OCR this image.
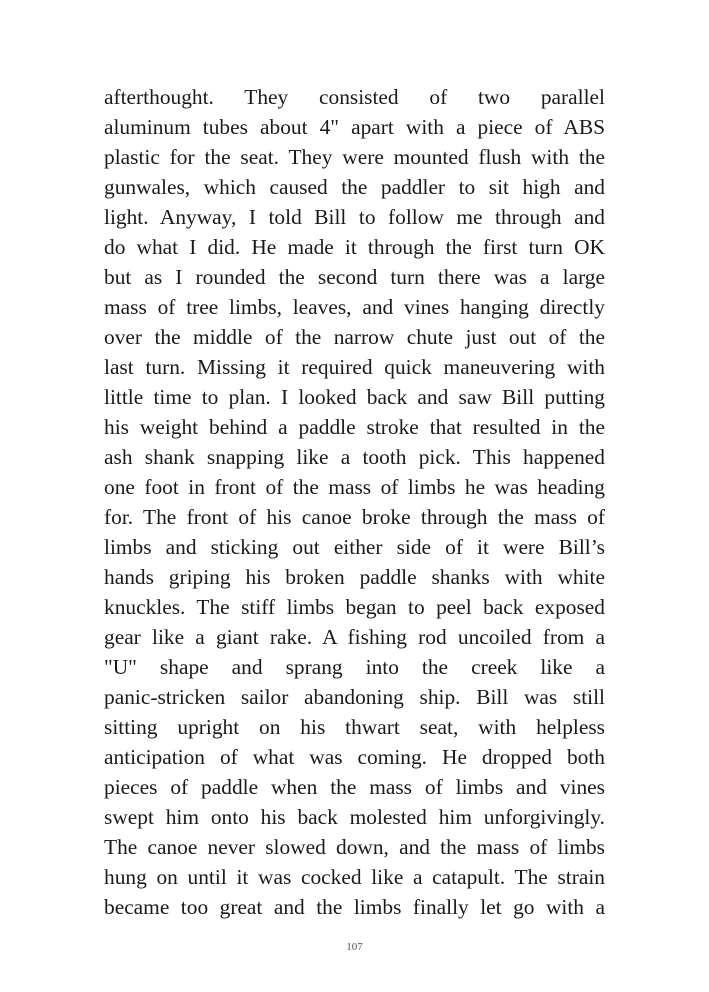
afterthought. They consisted of two parallel
aluminum tubes about 4" apart with a piece of ABS
plastic for the seat. They were mounted flush with the
gunwales, which caused the paddler to sit high and
light. Anyway, I told Bill to follow me through and
do what I did. He made it through the first turn OK
but as I rounded the second turn there was a large
mass of tree limbs, leaves, and vines hanging directly
over the middle of the narrow chute just out of the
last turn. Missing it required quick maneuvering with
little time to plan. I looked back and saw Bill putting
his weight behind a paddle stroke that resulted in the
ash shank snapping like a tooth pick. This happened
one foot in front of the mass of limbs he was heading
for. The front of his canoe broke through the mass of
limbs and sticking out either side of it were Bill’s
hands griping his broken paddle shanks with white
knuckles. The stiff limbs began to peel back exposed
gear like a giant rake. A fishing rod uncoiled from a
"U" shape and sprang into the creek like a
panic-stricken sailor abandoning ship. Bill was still
sitting upright on his thwart seat, with helpless
anticipation of what was coming. He dropped both
pieces of paddle when the mass of limbs and vines
swept him onto his back molested him unforgivingly.
The canoe never slowed down, and the mass of limbs
hung on until it was cocked like a catapult. The strain
became too great and the limbs finally let go with a
107
